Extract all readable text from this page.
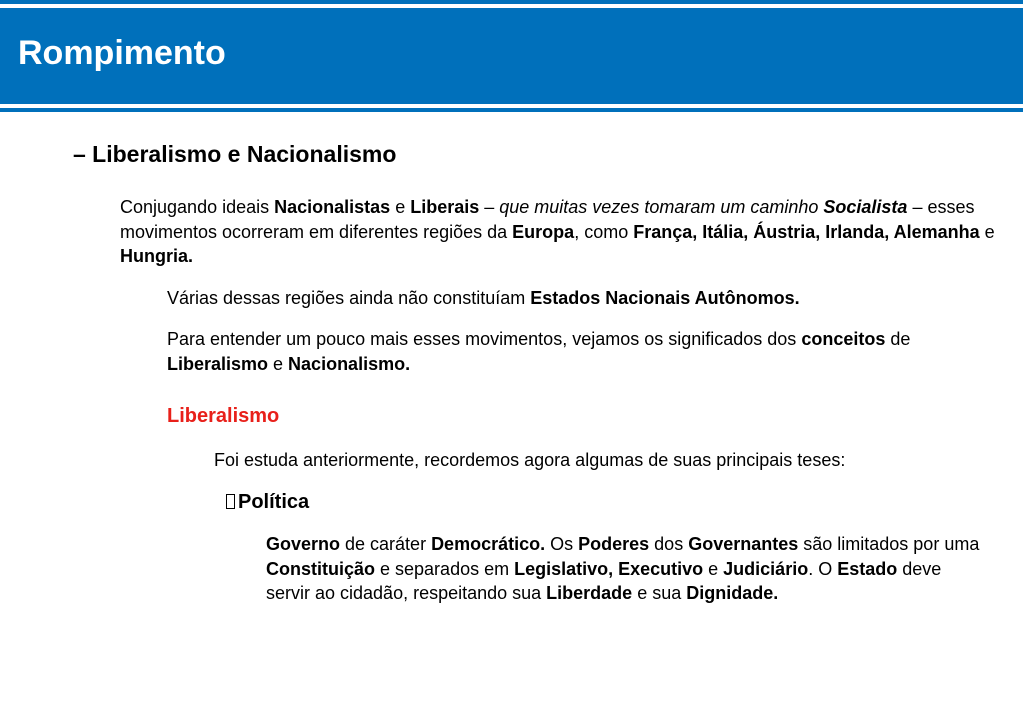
Rompimento

– Liberalismo e Nacionalismo

Conjugando ideais Nacionalistas e Liberais – que muitas vezes tomaram um caminho Socialista – esses movimentos ocorreram em diferentes regiões da Europa, como França, Itália, Áustria, Irlanda, Alemanha e Hungria.

Várias dessas regiões ainda não constituíam Estados Nacionais Autônomos.

Para entender um pouco mais esses movimentos, vejamos os significados dos conceitos de Liberalismo e Nacionalismo.

Liberalismo

Foi estuda anteriormente, recordemos agora algumas de suas principais teses:

Política

Governo de caráter Democrático. Os Poderes dos Governantes são limitados por uma Constituição e separados em Legislativo, Executivo e Judiciário. O Estado deve servir ao cidadão, respeitando sua Liberdade e sua Dignidade.
